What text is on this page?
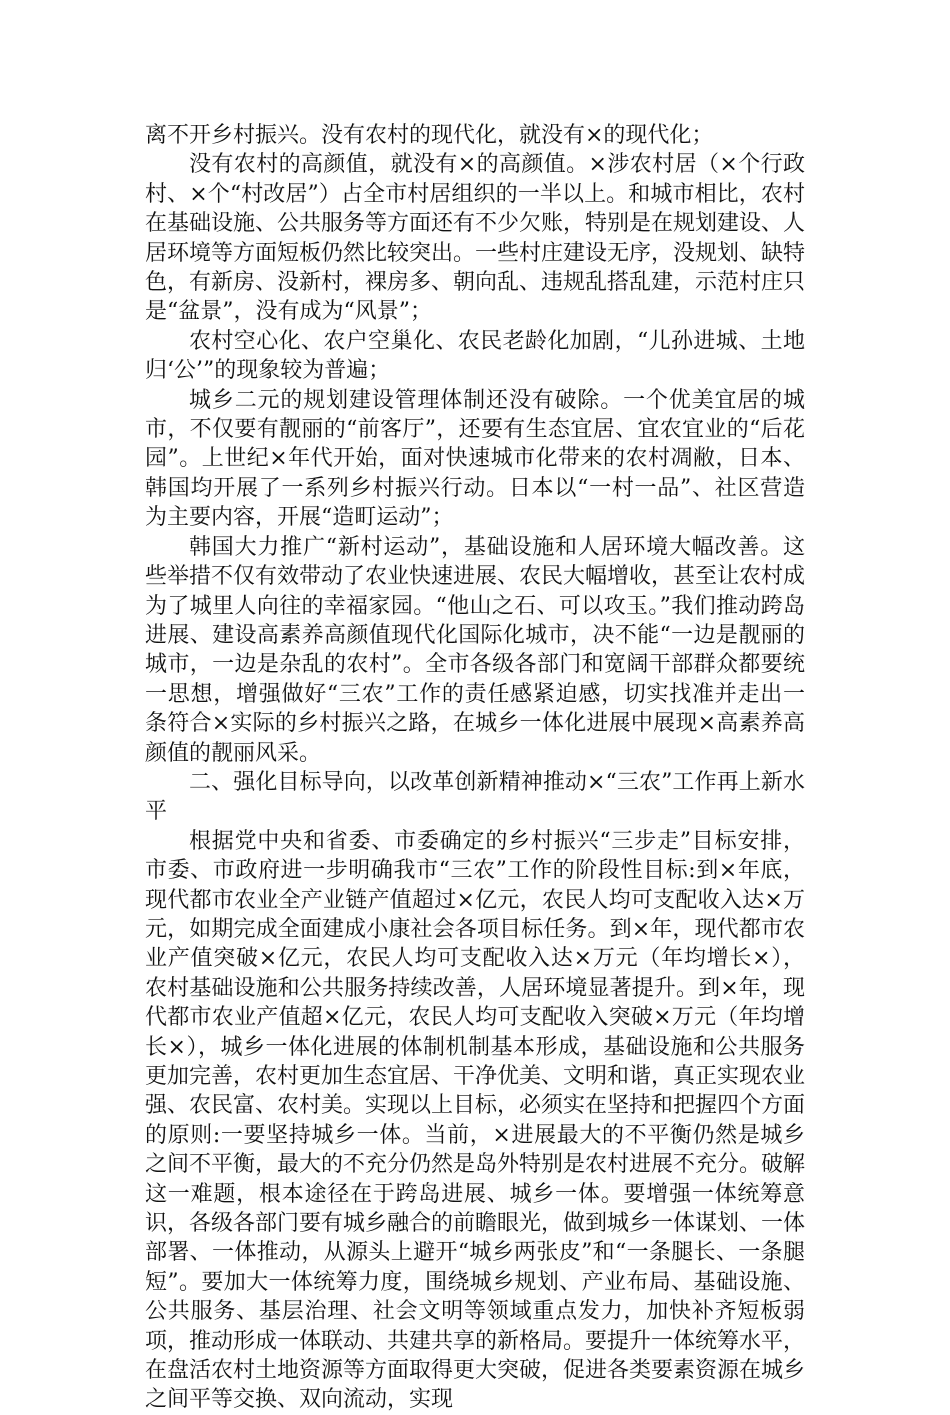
离不开乡村振兴。没有农村的现代化，就没有×的现代化；

没有农村的高颜值，就没有×的高颜值。×涉农村居（×个行政村、×个“村改居”）占全市村居组织的一半以上。和城市相比，农村在基础设施、公共服务等方面还有不少欠账，特别是在规划建设、人居环境等方面短板仍然比较突出。一些村庄建设无序，没规划、缺特色，有新房、没新村，裸房多、朝向乱、违规乱搭乱建，示范村庄只是“盆景”，没有成为“风景”；

农村空心化、农户空巢化、农民老龄化加剧，“儿孙进城、土地归‘公’”的现象较为普遍；

城乡二元的规划建设管理体制还没有破除。一个优美宜居的城市，不仅要有靓丽的“前客厅”，还要有生态宜居、宜农宜业的“后花园”。上世纪×年代开始，面对快速城市化带来的农村凋敝，日本、韩国均开展了一系列乡村振兴行动。日本以“一村一品”、社区营造为主要内容，开展“造町运动”；

韩国大力推广“新村运动”，基础设施和人居环境大幅改善。这些举措不仅有效带动了农业快速进展、农民大幅增收，甚至让农村成为了城里人向往的幸福家园。“他山之石、可以攻玉。”我们推动跨岛进展、建设高素养高颜值现代化国际化城市，决不能“一边是靓丽的城市，一边是杂乱的农村”。全市各级各部门和宽阔干部群众都要统一思想，增强做好“三农”工作的责任感紧迫感，切实找准并走出一条符合×实际的乡村振兴之路，在城乡一体化进展中展现×高素养高颜值的靓丽风采。

二、强化目标导向，以改革创新精神推动×“三农”工作再上新水平

根据党中央和省委、市委确定的乡村振兴“三步走”目标安排，市委、市政府进一步明确我市“三农”工作的阶段性目标:到×年底，现代都市农业全产业链产值超过×亿元，农民人均可支配收入达×万元，如期完成全面建成小康社会各项目标任务。到×年，现代都市农业产值突破×亿元，农民人均可支配收入达×万元（年均增长×），农村基础设施和公共服务持续改善，人居环境显著提升。到×年，现代都市农业产值超×亿元，农民人均可支配收入突破×万元（年均增长×），城乡一体化进展的体制机制基本形成，基础设施和公共服务更加完善，农村更加生态宜居、干净优美、文明和谐，真正实现农业强、农民富、农村美。实现以上目标，必须实在坚持和把握四个方面的原则:一要坚持城乡一体。当前，×进展最大的不平衡仍然是城乡之间不平衡，最大的不充分仍然是岛外特别是农村进展不充分。破解这一难题，根本途径在于跨岛进展、城乡一体。要增强一体统筹意识，各级各部门要有城乡融合的前瞻眼光，做到城乡一体谋划、一体部署、一体推动，从源头上避开“城乡两张皮”和“一条腿长、一条腿短”。要加大一体统筹力度，围绕城乡规划、产业布局、基础设施、公共服务、基层治理、社会文明等领域重点发力，加快补齐短板弱项，推动形成一体联动、共建共享的新格局。要提升一体统筹水平，在盘活农村土地资源等方面取得更大突破，促进各类要素资源在城乡之间平等交换、双向流动，实现
